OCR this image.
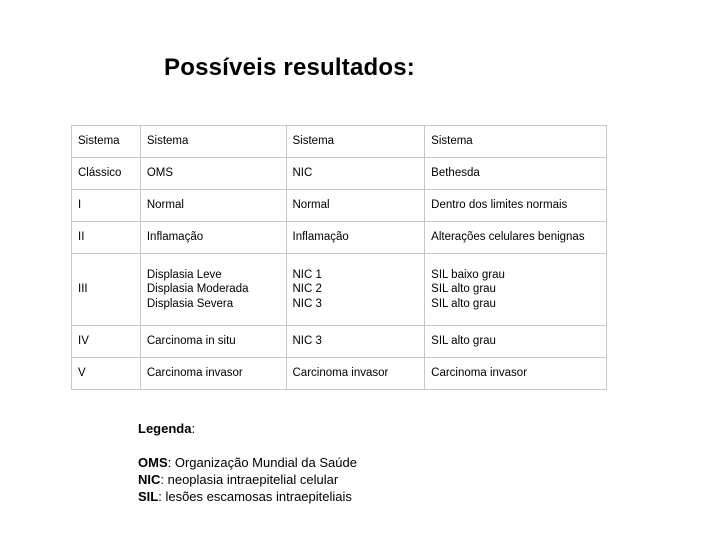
Possíveis resultados:
Sistema	Sistema	Sistema	Sistema

Clássico	OMS	NIC	Bethesda

I	Normal	Normal	Dentro dos limites normais

II	Inflamação	Inflamação	Alterações celulares benignas

III	Displasia Leve
Displasia Moderada
Displasia Severa	NIC 1
NIC 2
NIC 3	SIL baixo grau
SIL alto grau
SIL alto grau

IV	Carcinoma in situ	NIC 3	SIL alto grau

V	Carcinoma invasor	Carcinoma invasor	Carcinoma invasor
Legenda:
OMS: Organização Mundial da Saúde
NIC: neoplasia intraepitelial celular
SIL: lesões escamosas intraepiteliais
